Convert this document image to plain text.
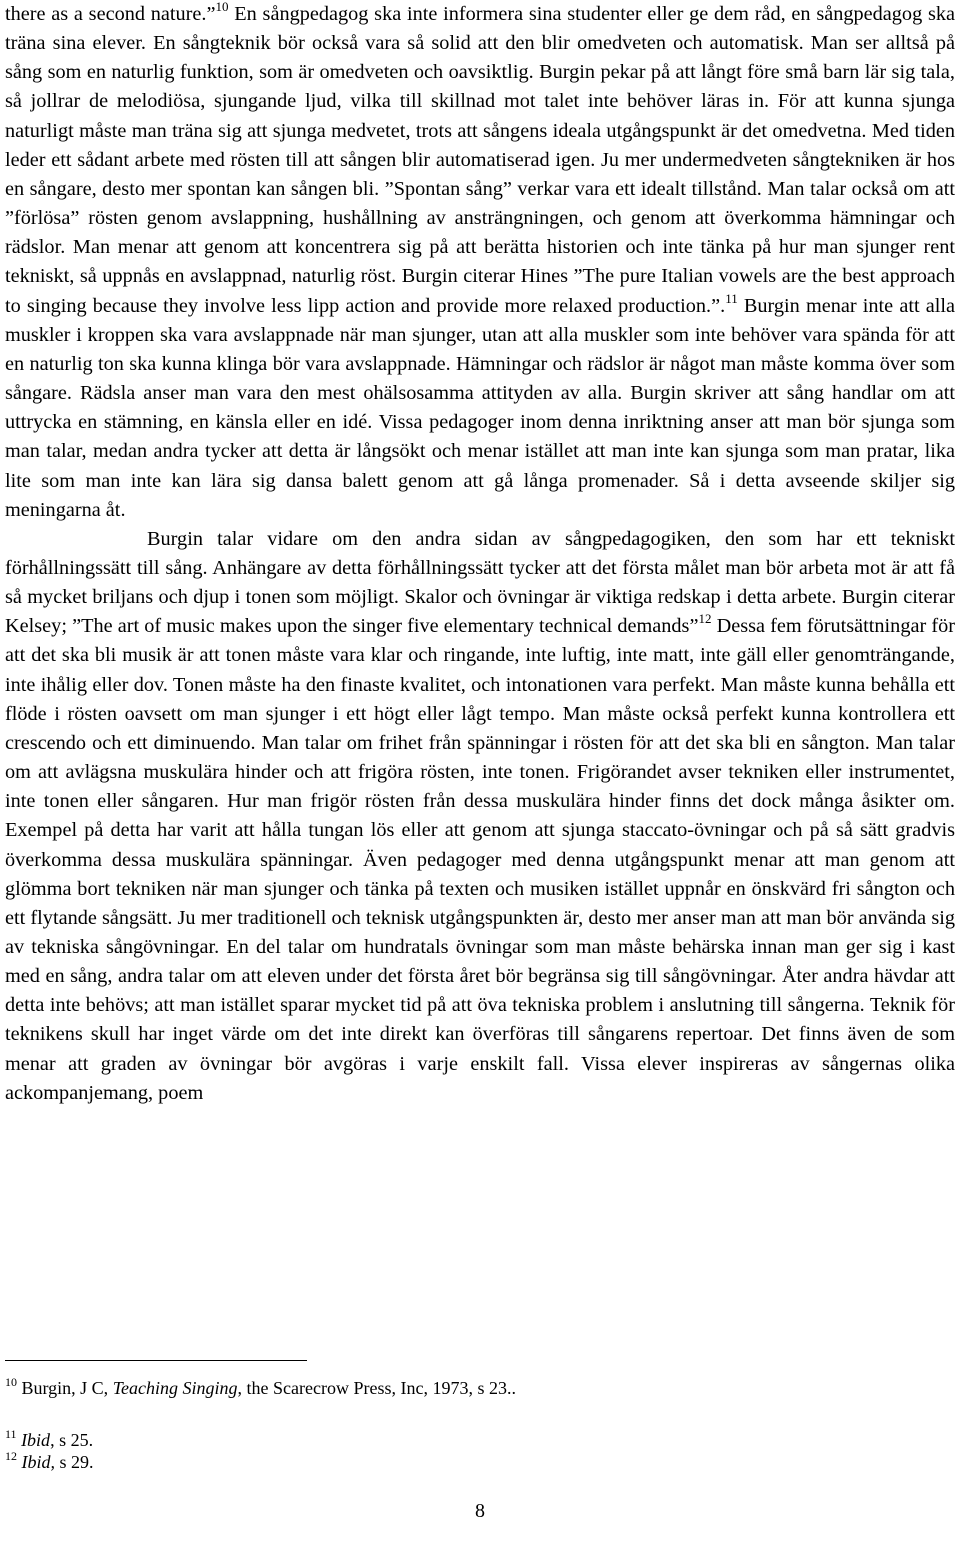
there as a second nature.”$^{10}$ En sångpedagog ska inte informera sina studenter eller ge dem råd, en sångpedagog ska träna sina elever. En sångteknik bör också vara så solid att den blir omedveten och automatisk. Man ser alltså på sång som en naturlig funktion, som är omedveten och oavsiktlig. Burgin pekar på att långt före små barn lär sig tala, så jollrar de melodiösa, sjungande ljud, vilka till skillnad mot talet inte behöver läras in. För att kunna sjunga naturligt måste man träna sig att sjunga medvetet, trots att sångens ideala utgångspunkt är det omedvetna. Med tiden leder ett sådant arbete med rösten till att sången blir automatiserad igen. Ju mer undermedveten sångtekniken är hos en sångare, desto mer spontan kan sången bli. ”Spontan sång” verkar vara ett idealt tillstånd. Man talar också om att ”förlösa” rösten genom avslappning, hushållning av ansträngningen, och genom att överkomma hämningar och rädslor. Man menar att genom att koncentrera sig på att berätta historien och inte tänka på hur man sjunger rent tekniskt, så uppnås en avslappnad, naturlig röst. Burgin citerar Hines ”The pure Italian vowels are the best approach to singing because they involve less lipp action and provide more relaxed production.”.$^{11}$ Burgin menar inte att alla muskler i kroppen ska vara avslappnade när man sjunger, utan att alla muskler som inte behöver vara spända för att en naturlig ton ska kunna klinga bör vara avslappnade. Hämningar och rädslor är något man måste komma över som sångare. Rädsla anser man vara den mest ohälsosamma attityden av alla. Burgin skriver att sång handlar om att uttrycka en stämning, en känsla eller en idé. Vissa pedagoger inom denna inriktning anser att man bör sjunga som man talar, medan andra tycker att detta är långsökt och menar istället att man inte kan sjunga som man pratar, lika lite som man inte kan lära sig dansa balett genom att gå långa promenader. Så i detta avseende skiljer sig meningarna åt.

Burgin talar vidare om den andra sidan av sångpedagogiken, den som har ett tekniskt förhållningssätt till sång. Anhängare av detta förhållningssätt tycker att det första målet man bör arbeta mot är att få så mycket briljans och djup i tonen som möjligt. Skalor och övningar är viktiga redskap i detta arbete. Burgin citerar Kelsey; ”The art of music makes upon the singer five elementary technical demands”$^{12}$ Dessa fem förutsättningar för att det ska bli musik är att tonen måste vara klar och ringande, inte luftig, inte matt, inte gäll eller genomträngande, inte ihålig eller dov. Tonen måste ha den finaste kvalitet, och intonationen vara perfekt. Man måste kunna behålla ett flöde i rösten oavsett om man sjunger i ett högt eller lågt tempo. Man måste också perfekt kunna kontrollera ett crescendo och ett diminuendo. Man talar om frihet från spänningar i rösten för att det ska bli en sångton. Man talar om att avlägsna muskulära hinder och att frigöra rösten, inte tonen. Frigörandet avser tekniken eller instrumentet, inte tonen eller sångaren. Hur man frigör rösten från dessa muskulära hinder finns det dock många åsikter om. Exempel på detta har varit att hålla tungan lös eller att genom att sjunga staccato-övningar och på så sätt gradvis överkomma dessa muskulära spänningar. Även pedagoger med denna utgångspunkt menar att man genom att glömma bort tekniken när man sjunger och tänka på texten och musiken istället uppnår en önskvärd fri sångton och ett flytande sångsätt. Ju mer traditionell och teknisk utgångspunkten är, desto mer anser man att man bör använda sig av tekniska sångövningar. En del talar om hundratals övningar som man måste behärska innan man ger sig i kast med en sång, andra talar om att eleven under det första året bör begränsa sig till sångövningar. Åter andra hävdar att detta inte behövs; att man istället sparar mycket tid på att öva tekniska problem i anslutning till sångerna. Teknik för teknikens skull har inget värde om det inte direkt kan överföras till sångarens repertoar. Det finns även de som menar att graden av övningar bör avgöras i varje enskilt fall. Vissa elever inspireras av sångernas olika ackompanjemang, poem

$^{10}$ Burgin, J C, Teaching Singing, the Scarecrow Press, Inc, 1973, s 23..

$^{11}$ Ibid, s 25.

$^{12}$ Ibid, s 29.

8
